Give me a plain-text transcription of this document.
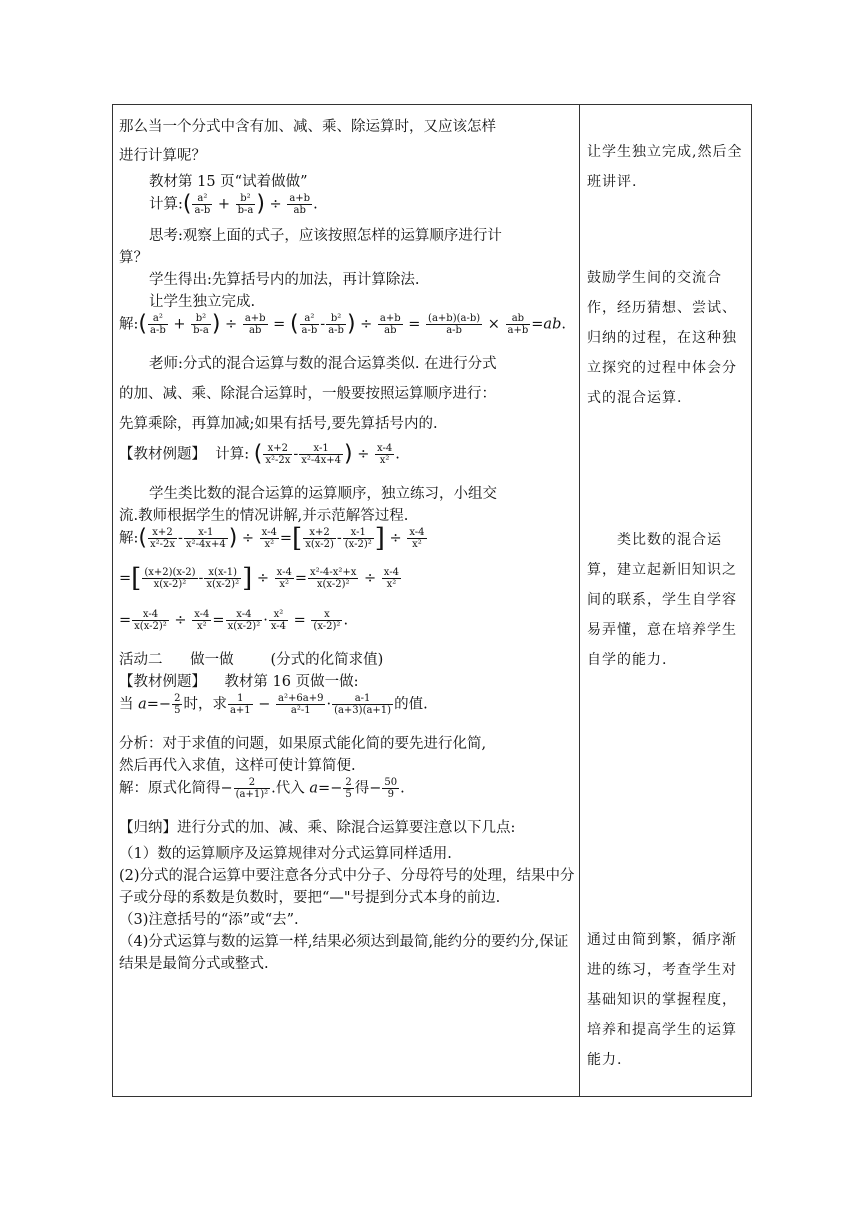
那么当一个分式中含有加、减、乘、除运算时，又应该怎样

进行计算呢？

教材第 15 页“试着做做”

计算:( $\frac{\text{a²}}{a-b} + \frac{\text{b²}}{b-a}$ ) ÷ $\frac{a+b}{ab}$ .

思考:观察上面的式子，应该按照怎样的运算顺序进行计

算？

学生得出:先算括号内的加法，再计算除法.

让学生独立完成.

解:( $\frac{\text{a²}}{a-b} + \frac{\text{b²}}{b-a}$ ) ÷ $\frac{a+b}{ab}$ = ( $\frac{\text{a²}}{a-b} - \frac{\text{b²}}{a-b}$ ) ÷ $\frac{a+b}{ab} = \frac{(a+b)(a-b)}{a-b} \times \frac{ab}{a+b} =ab$.

老师:分式的混合运算与数的混合运算类似. 在进行分式

的加、减、乘、除混合运算时，一般要按照运算顺序进行：

先算乘除，再算加减;如果有括号,要先算括号内的.

【教材例题】 计算: ( $\frac{x+2}{\text{x²-2x}} - \frac{x-1}{\text{x²-4x+4}}$ ) ÷ $\frac{x-4}{\text{x²}}$ .

学生类比数的混合运算的运算顺序，独立练习，小组交

流.教师根据学生的情况讲解,并示范解答过程.

解:( $\frac{x+2}{\text{x²-2x}} - \frac{x-1}{\text{x²-4x+4}}$ ) ÷ $\frac{x-4}{\text{x²}}$ =[ $\frac{x+2}{x(x-2)} - \frac{x-1}{\text{(x-2)²}}$ ] ÷ $\frac{x-4}{\text{x²}}$
=[ $\frac{(x+2)(x-2)}{\text{x(x-2)²}} - \frac{x(x-1)}{\text{x(x-2)²}}$ ] ÷ $\frac{x-4}{\text{x²}} = \frac{\text{x²-4-x²+x}}{\text{x(x-2)²}} \div \frac{x-4}{\text{x²}}$
= $\frac{x-4}{\text{x(x-2)²}} \div \frac{x-4}{\text{x²}} = \frac{x-4}{\text{x(x-2)²}} \cdot \frac{\text{x²}}{x-4} = \frac{x}{\text{(x-2)²}}$ .

活动二      做一做        (分式的化简求值)

【教材例题】 教材第 16 页做一做:

当 $a=- \frac{2}{5}$ 时，求 $\frac{1}{a+1} - \frac{\text{a²+6a+9}}{\text{a²-1}} \cdot \frac{a-1}{(a+3)(a+1)}$ 的值.

分析：对于求值的问题，如果原式能化简的要先进行化简,

然后再代入求值，这样可使计算简便.

解：原式化简得− $\frac{2}{\text{(a+1)²}}$ .代入 $a=- \frac{2}{5}$ 得− $\frac{50}{9}$ .

【归纳】进行分式的加、减、乘、除混合运算要注意以下几点:

（1）数的运算顺序及运算规律对分式运算同样适用.

(2)分式的混合运算中要注意各分式中分子、分母符号的处理，结果中分子或分母的系数是负数时，要把“—"号提到分式本身的前边.

（3)注意括号的“添”或“去”.

（4)分式运算与数的运算一样,结果必须达到最简,能约分的要约分,保证结果是最简分式或整式.

让学生独立完成,然后全班讲评.
鼓励学生间的交流合作，经历猜想、尝试、归纳的过程，在这种独立探究的过程中体会分式的混合运算.
类比数的混合运算，建立起新旧知识之间的联系，学生自学容易弄懂，意在培养学生自学的能力.
通过由简到繁，循序渐进的练习，考查学生对基础知识的掌握程度，培养和提高学生的运算能力.
